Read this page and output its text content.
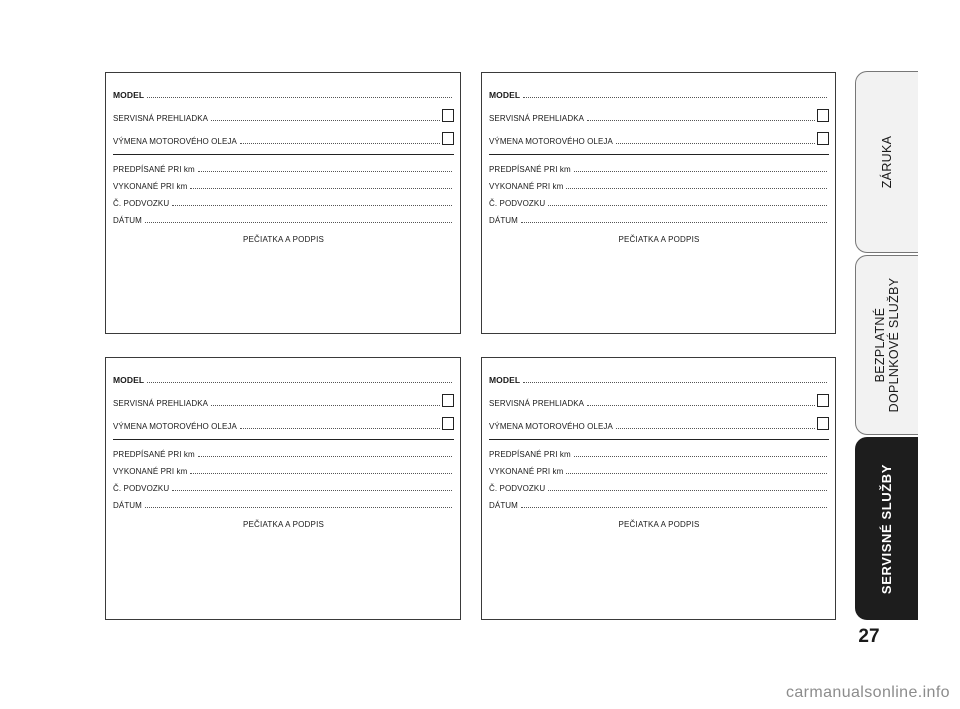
MODEL
SERVISNÁ PREHLIADKA
VÝMENA MOTOROVÉHO OLEJA
PREDPÍSANÉ PRI km
VYKONANÉ PRI km
Č. PODVOZKU
DÁTUM
PEČIATKA A PODPIS
MODEL
SERVISNÁ PREHLIADKA
VÝMENA MOTOROVÉHO OLEJA
PREDPÍSANÉ PRI km
VYKONANÉ PRI km
Č. PODVOZKU
DÁTUM
PEČIATKA A PODPIS
MODEL
SERVISNÁ PREHLIADKA
VÝMENA MOTOROVÉHO OLEJA
PREDPÍSANÉ PRI km
VYKONANÉ PRI km
Č. PODVOZKU
DÁTUM
PEČIATKA A PODPIS
MODEL
SERVISNÁ PREHLIADKA
VÝMENA MOTOROVÉHO OLEJA
PREDPÍSANÉ PRI km
VYKONANÉ PRI km
Č. PODVOZKU
DÁTUM
PEČIATKA A PODPIS
ZÁRUKA
BEZPLATNÉ DOPLNKOVÉ SLUŽBY
SERVISNÉ SLUŽBY
27
carmanualsonline.info
